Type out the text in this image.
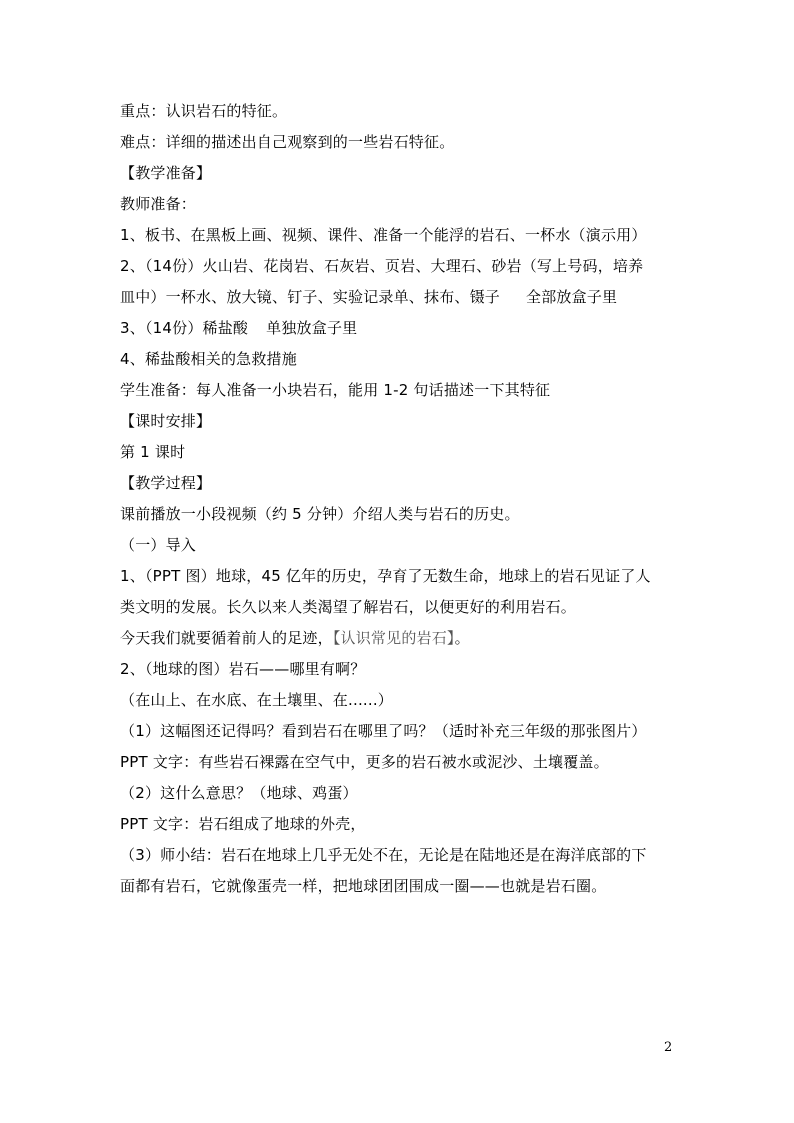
重点：认识岩石的特征。
难点：详细的描述出自己观察到的一些岩石特征。
【教学准备】
教师准备：
1、板书、在黑板上画、视频、课件、准备一个能浮的岩石、一杯水（演示用）
2、（14份）火山岩、花岗岩、石灰岩、页岩、大理石、砂岩（写上号码，培养
皿中）一杯水、放大镜、钉子、实验记录单、抹布、镊子 全部放盒子里
3、（14份）稀盐酸 单独放盒子里
4、稀盐酸相关的急救措施
学生准备：每人准备一小块岩石，能用 1-2 句话描述一下其特征
【课时安排】
第 1 课时
【教学过程】
课前播放一小段视频（约 5 分钟）介绍人类与岩石的历史。
（一）导入
1、（PPT 图）地球，45 亿年的历史，孕育了无数生命，地球上的岩石见证了人
类文明的发展。长久以来人类渴望了解岩石，以便更好的利用岩石。
今天我们就要循着前人的足迹，【认识常见的岩石】。
2、（地球的图）岩石——哪里有啊？
（在山上、在水底、在土壤里、在......）
（1）这幅图还记得吗？看到岩石在哪里了吗？（适时补充三年级的那张图片）
PPT 文字：有些岩石裸露在空气中，更多的岩石被水或泥沙、土壤覆盖。
（2）这什么意思？（地球、鸡蛋）
PPT 文字：岩石组成了地球的外壳，
（3）师小结：岩石在地球上几乎无处不在，无论是在陆地还是在海洋底部的下
面都有岩石，它就像蛋壳一样，把地球团团围成一圈——也就是岩石圈。
2
